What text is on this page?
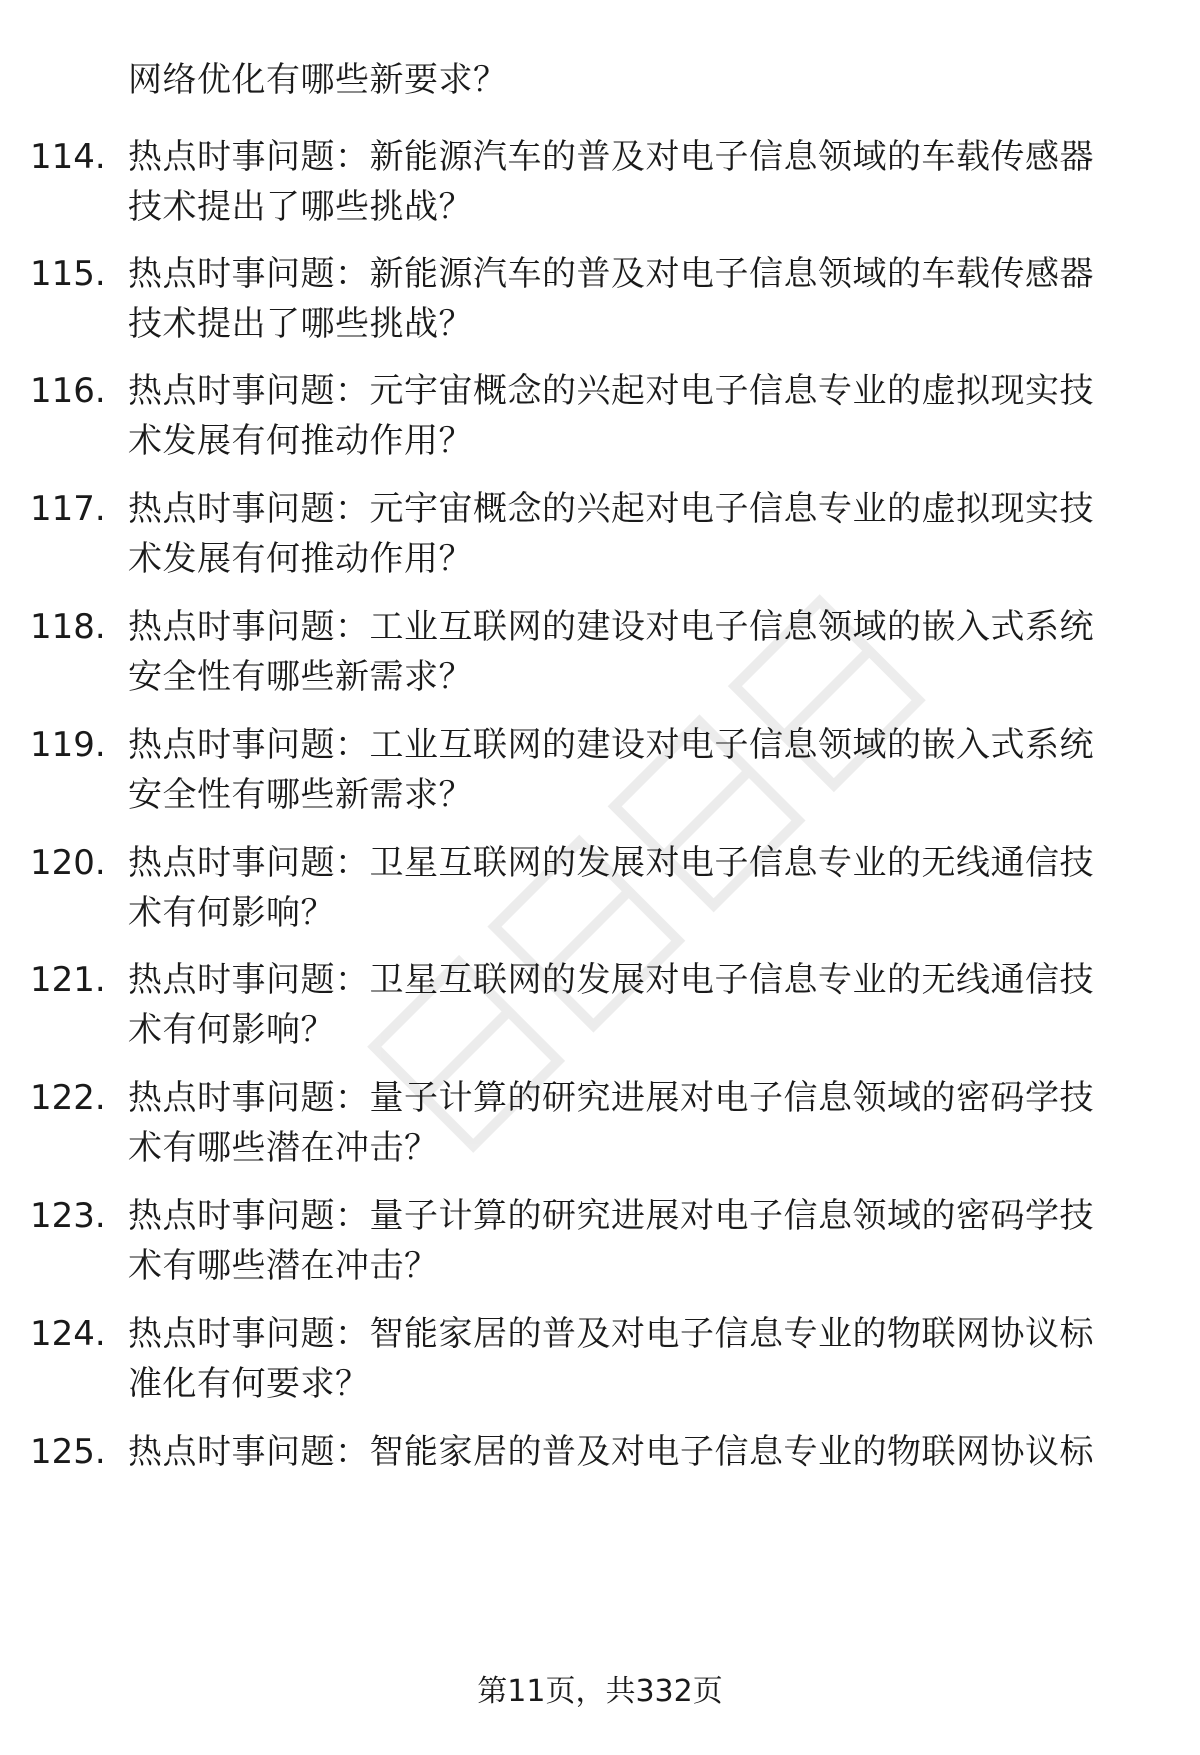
网络优化有哪些新要求？
114. 热点时事问题：新能源汽车的普及对电子信息领域的车载传感器
技术提出了哪些挑战？
115. 热点时事问题：新能源汽车的普及对电子信息领域的车载传感器
技术提出了哪些挑战？
116. 热点时事问题：元宇宙概念的兴起对电子信息专业的虚拟现实技
术发展有何推动作用？
117. 热点时事问题：元宇宙概念的兴起对电子信息专业的虚拟现实技
术发展有何推动作用？
118. 热点时事问题：工业互联网的建设对电子信息领域的嵌入式系统
安全性有哪些新需求？
119. 热点时事问题：工业互联网的建设对电子信息领域的嵌入式系统
安全性有哪些新需求？
120. 热点时事问题：卫星互联网的发展对电子信息专业的无线通信技
术有何影响？
121. 热点时事问题：卫星互联网的发展对电子信息专业的无线通信技
术有何影响？
122. 热点时事问题：量子计算的研究进展对电子信息领域的密码学技
术有哪些潜在冲击？
123. 热点时事问题：量子计算的研究进展对电子信息领域的密码学技
术有哪些潜在冲击？
124. 热点时事问题：智能家居的普及对电子信息专业的物联网协议标
准化有何要求？
125. 热点时事问题：智能家居的普及对电子信息专业的物联网协议标
第11页，共332页
